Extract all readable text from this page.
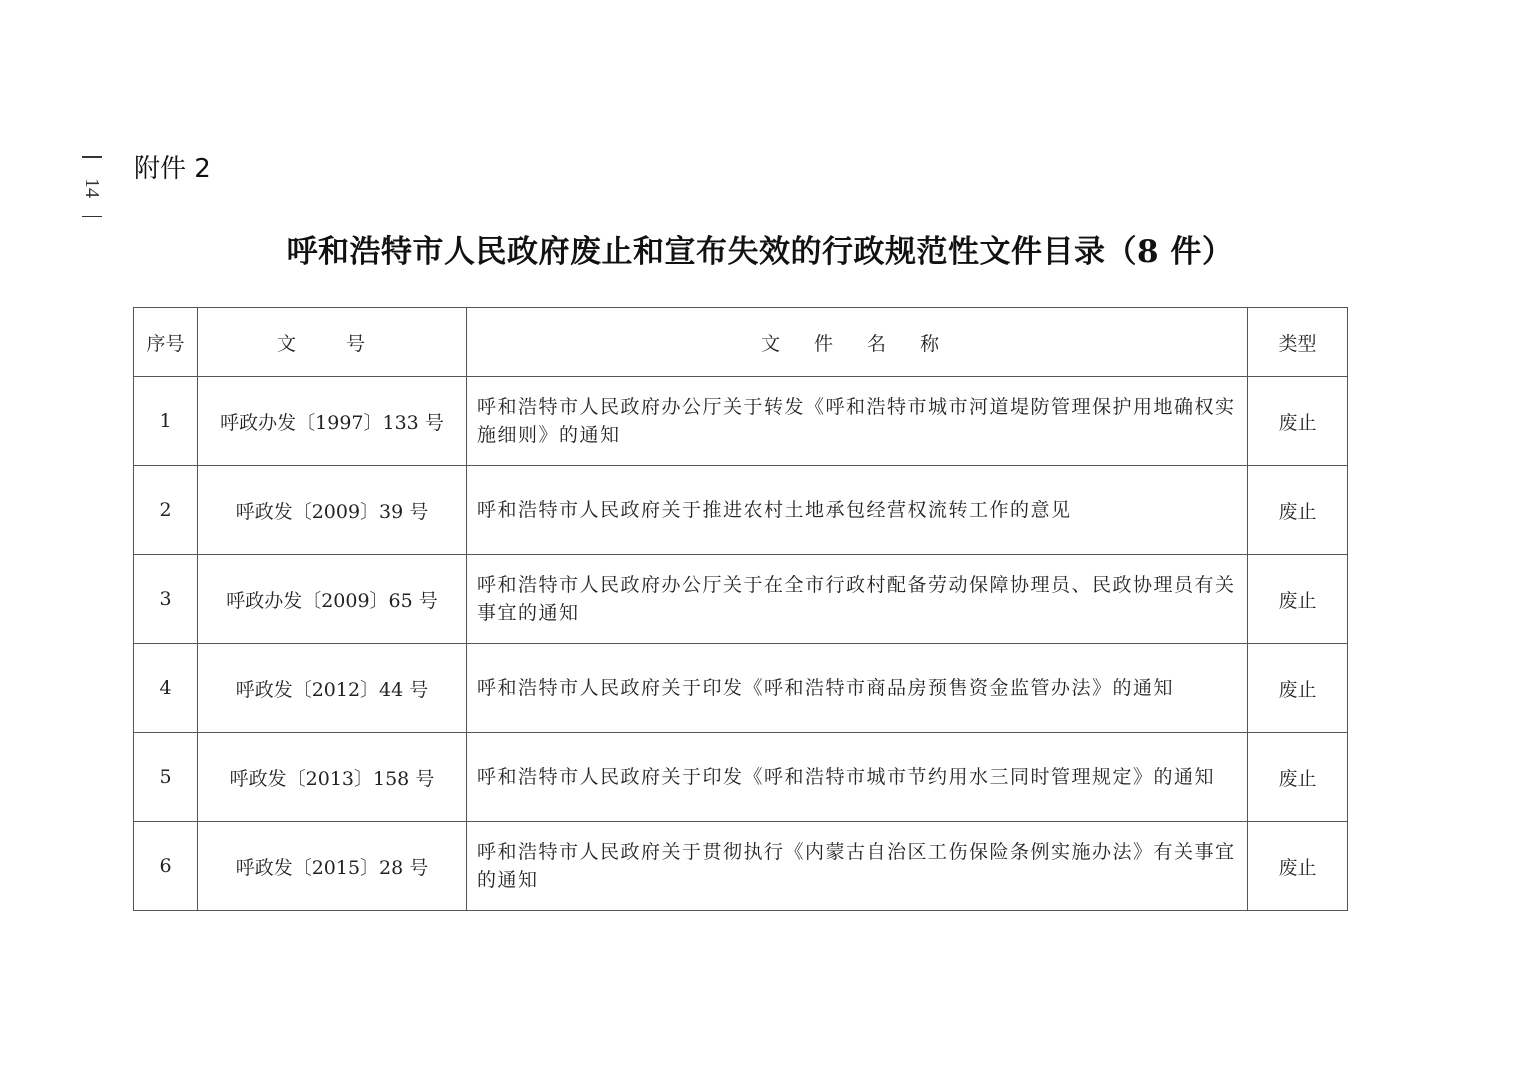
14
附件 2
呼和浩特市人民政府废止和宣布失效的行政规范性文件目录（8 件）
序号	文 号	文 件 名 称	类型
1	呼政办发〔1997〕133 号	呼和浩特市人民政府办公厅关于转发《呼和浩特市城市河道堤防管理保护用地确权实施细则》的通知	废止
2	呼政发〔2009〕39 号	呼和浩特市人民政府关于推进农村土地承包经营权流转工作的意见	废止
3	呼政办发〔2009〕65 号	呼和浩特市人民政府办公厅关于在全市行政村配备劳动保障协理员、民政协理员有关事宜的通知	废止
4	呼政发〔2012〕44 号	呼和浩特市人民政府关于印发《呼和浩特市商品房预售资金监管办法》的通知	废止
5	呼政发〔2013〕158 号	呼和浩特市人民政府关于印发《呼和浩特市城市节约用水三同时管理规定》的通知	废止
6	呼政发〔2015〕28 号	呼和浩特市人民政府关于贯彻执行《内蒙古自治区工伤保险条例实施办法》有关事宜的通知	废止
